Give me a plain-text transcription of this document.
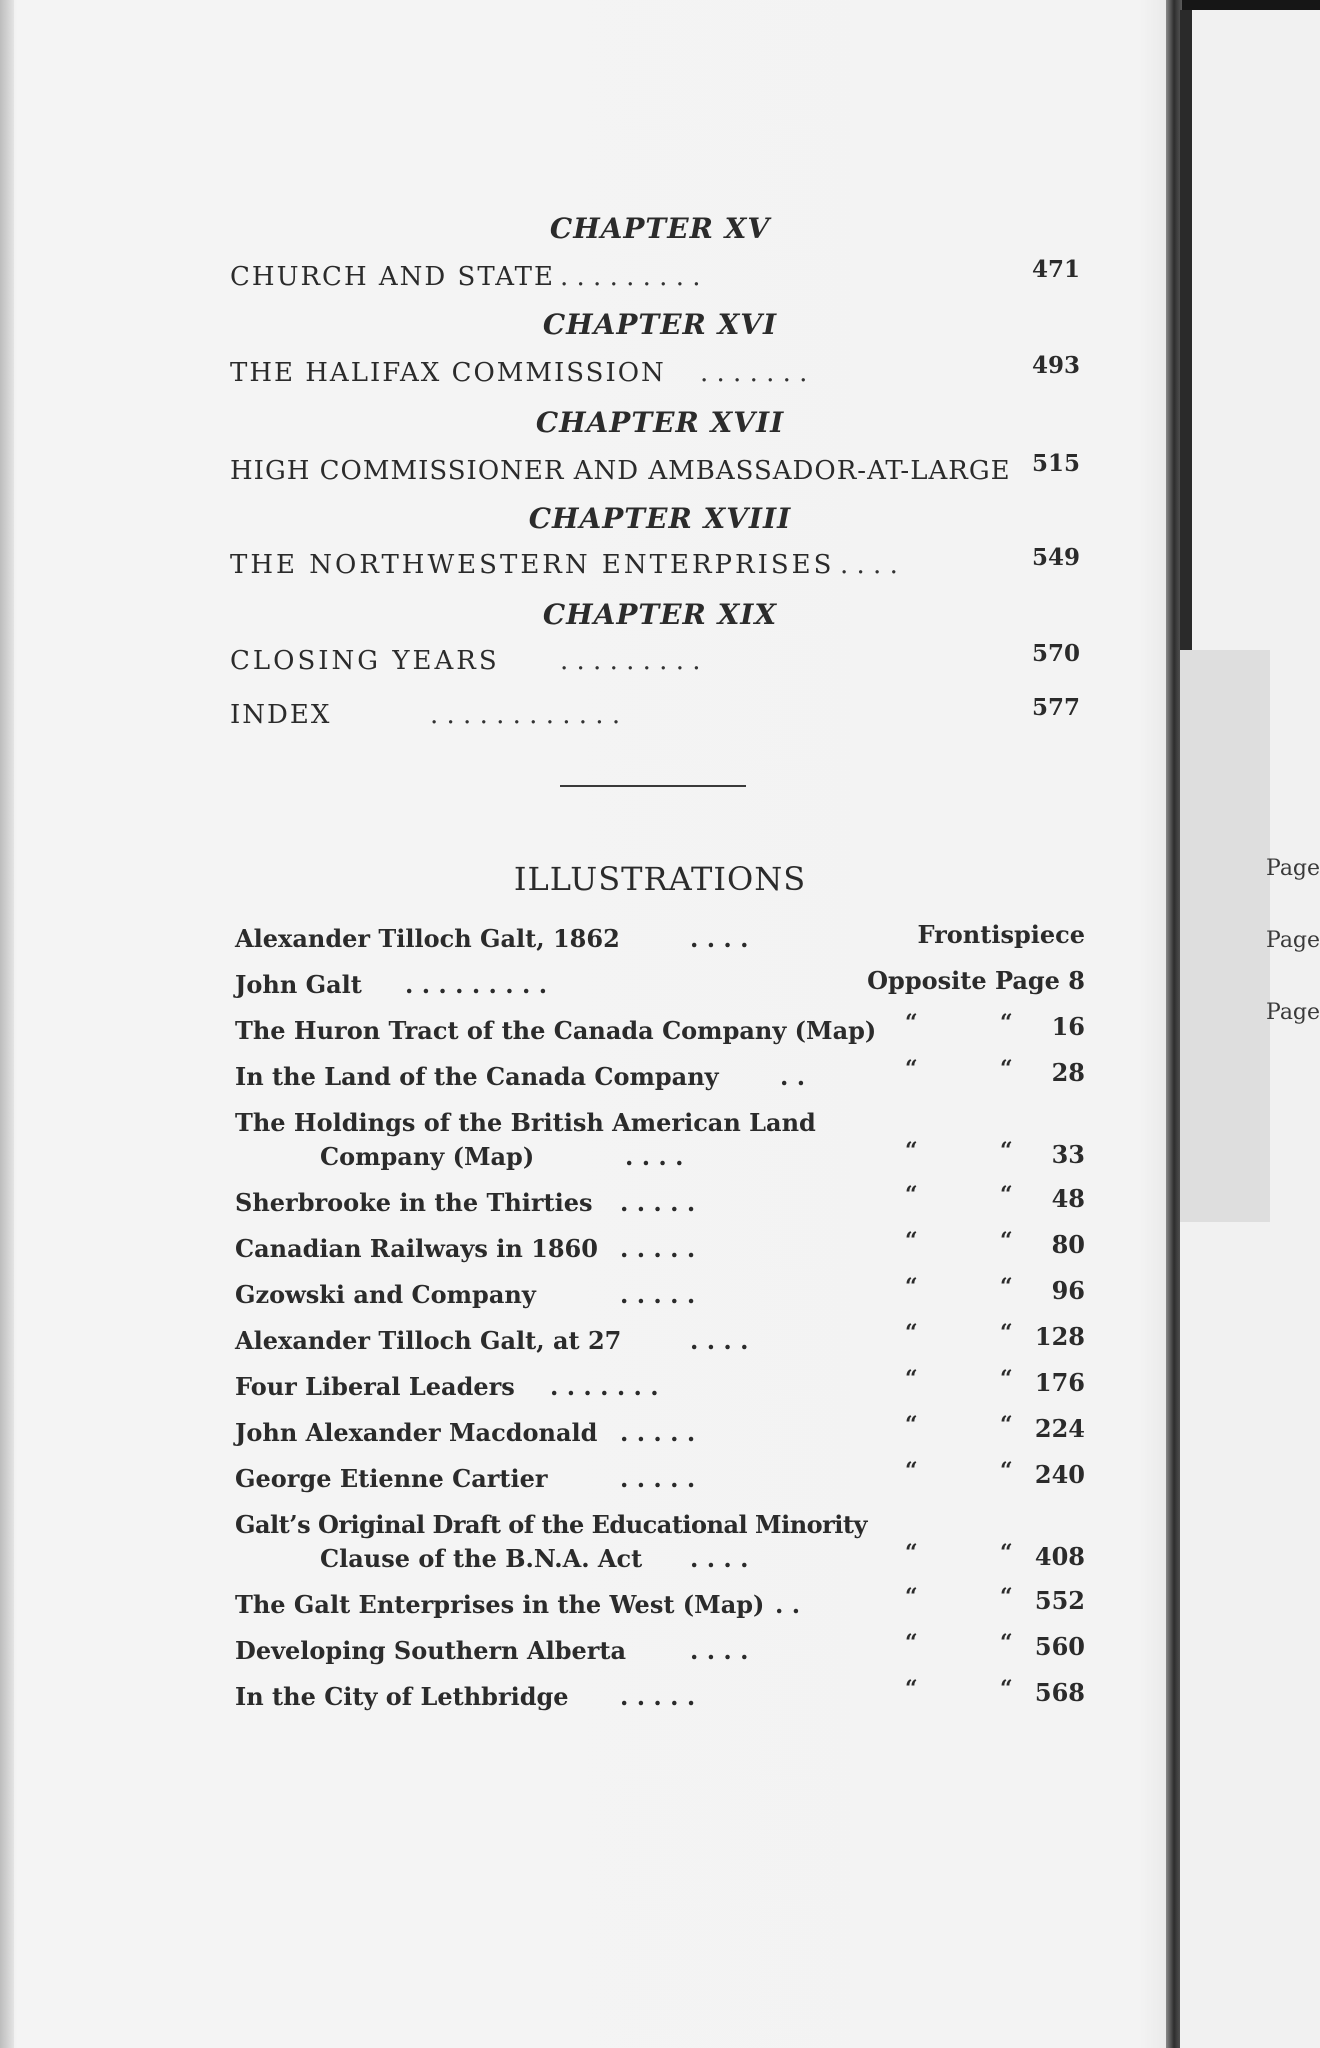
Page
Page
Page
CHAPTER XV
CHURCH AND STATE . . . . . . . . .	471
CHAPTER XVI
THE HALIFAX COMMISSION . . . . . . .	493
CHAPTER XVII
HIGH COMMISSIONER AND AMBASSADOR-AT-LARGE 515
CHAPTER XVIII
THE NORTHWESTERN ENTERPRISES . . . .	549
CHAPTER XIX
CLOSING YEARS . . . . . . . . .	570
INDEX	. . . . . . . . . . . .	577
ILLUSTRATIONS
Alexander Tilloch Galt, 1862	. . . .	Frontispiece
John Galt . . . . . . . . .	Opposite Page 8
The Huron Tract of the Canada Company (Map) “	“ 16
In the Land of the Canada Company	. .	“	“ 28
The Holdings of the British American Land
Company (Map)	. . . .	“	“ 33
Sherbrooke in the Thirties . . . . .	“	“ 48
Canadian Railways in 1860 . . . . .	“	“ 80
Gzowski and Company	. . . . .	“	“ 96
Alexander Tilloch Galt, at 27	. . . .	“	“ 128
Four Liberal Leaders . . . . . . .	“	“ 176
John Alexander Macdonald . . . . .	“	“ 224
George Etienne Cartier	. . . . .	“	“ 240
Galt’s Original Draft of the Educational Minority
Clause of the B.N.A. Act . . . .	“	“ 408
The Galt Enterprises in the West (Map) . .	“	“ 552
Developing Southern Alberta	. . . .	“	“ 560
In the City of Lethbridge . . . . .	“	“ 568
